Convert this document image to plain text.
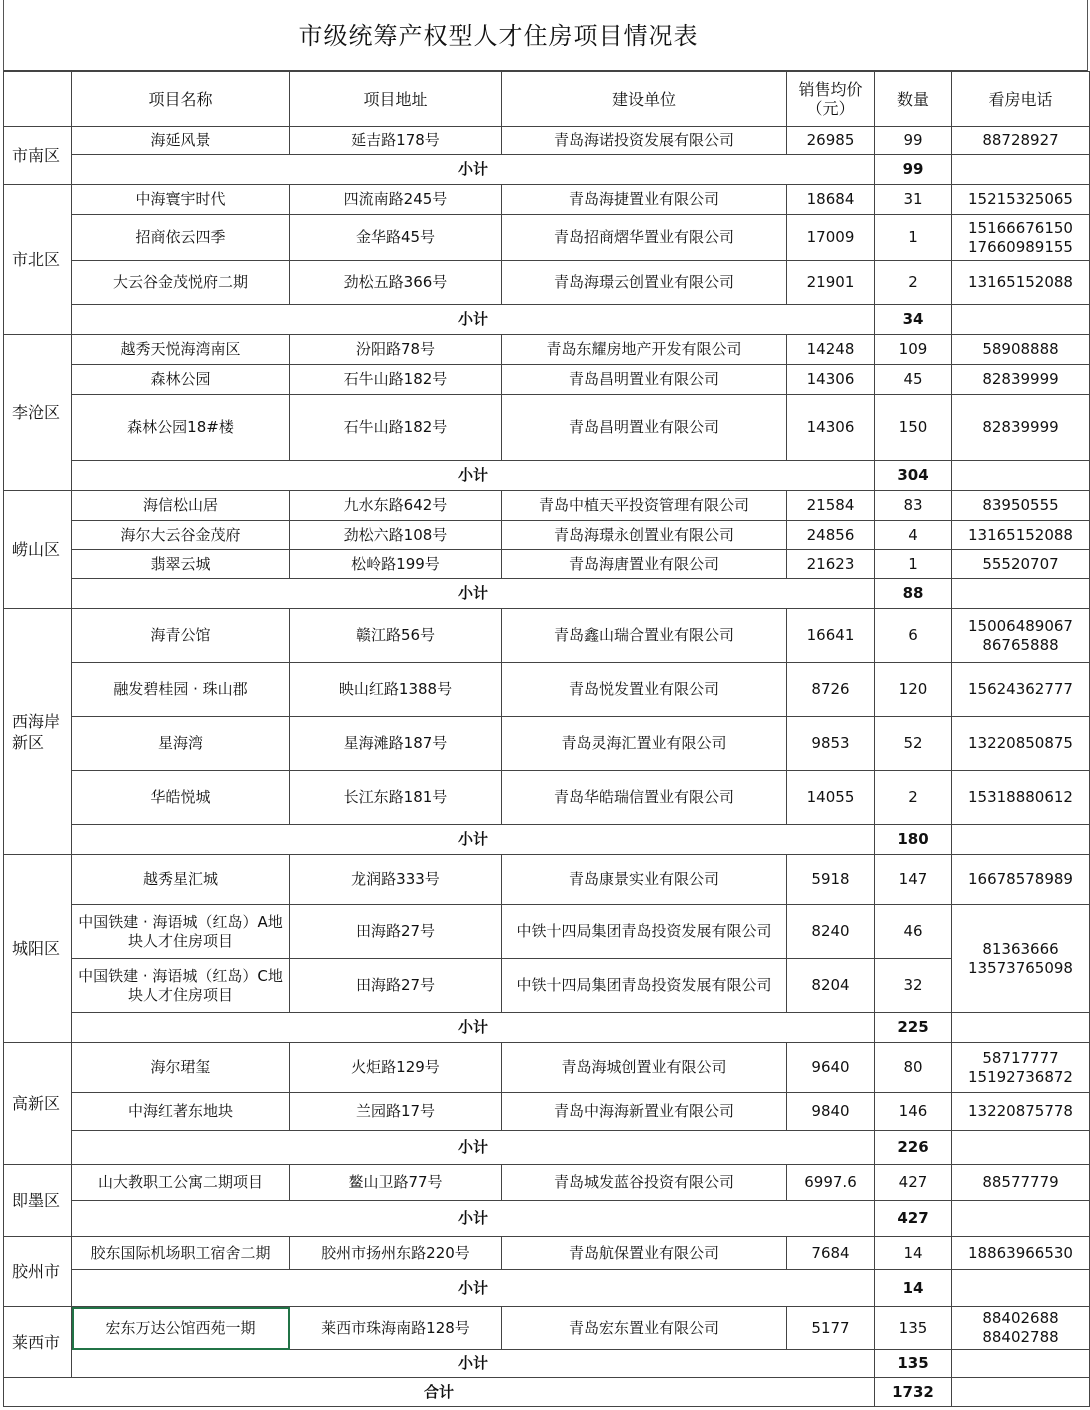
市级统筹产权型人才住房项目情况表
	项目名称	项目地址	建设单位	销售均价（元）	数量	看房电话
市南区	海延风景	延吉路178号	青岛海诺投资发展有限公司	26985	99	88728927
	小计				99	
市北区	中海寰宇时代	四流南路245号	青岛海捷置业有限公司	18684	31	15215325065
	招商依云四季	金华路45号	青岛招商熠华置业有限公司	17009	1	15166676150 17660989155
	大云谷金茂悦府二期	劲松五路366号	青岛海璟云创置业有限公司	21901	2	13165152088
	小计				34	
李沧区	越秀天悦海湾南区	汾阳路78号	青岛东耀房地产开发有限公司	14248	109	58908888
	森林公园	石牛山路182号	青岛昌明置业有限公司	14306	45	82839999
	森林公园18#楼	石牛山路182号	青岛昌明置业有限公司	14306	150	82839999
	小计				304	
崂山区	海信松山居	九水东路642号	青岛中植天平投资管理有限公司	21584	83	83950555
	海尔大云谷金茂府	劲松六路108号	青岛海璟永创置业有限公司	24856	4	13165152088
	翡翠云城	松岭路199号	青岛海唐置业有限公司	21623	1	55520707
	小计				88	
西海岸新区	海青公馆	赣江路56号	青岛鑫山瑞合置业有限公司	16641	6	15006489067 86765888
	融发碧桂园 · 珠山郡	映山红路1388号	青岛悦发置业有限公司	8726	120	15624362777
	星海湾	星海滩路187号	青岛灵海汇置业有限公司	9853	52	13220850875
	华皓悦城	长江东路181号	青岛华皓瑞信置业有限公司	14055	2	15318880612
	小计				180	
城阳区	越秀星汇城	龙润路333号	青岛康景实业有限公司	5918	147	16678578989
	中国铁建 · 海语城（红岛）A地块人才住房项目	田海路27号	中铁十四局集团青岛投资发展有限公司	8240	46	81363666 13573765098
	中国铁建 · 海语城（红岛）C地块人才住房项目	田海路27号	中铁十四局集团青岛投资发展有限公司	8204	32	
	小计				225	
高新区	海尔珺玺	火炬路129号	青岛海城创置业有限公司	9640	80	58717777 15192736872
	中海红著东地块	兰园路17号	青岛中海海新置业有限公司	9840	146	13220875778
	小计				226	
即墨区	山大教职工公寓二期项目	鳌山卫路77号	青岛城发蓝谷投资有限公司	6997.6	427	88577779
	小计				427	
胶州市	胶东国际机场职工宿舍二期	胶州市扬州东路220号	青岛航保置业有限公司	7684	14	18863966530
	小计				14	
莱西市	宏东万达公馆西苑一期	莱西市珠海南路128号	青岛宏东置业有限公司	5177	135	88402688 88402788
	小计				135	
合计					1732	
